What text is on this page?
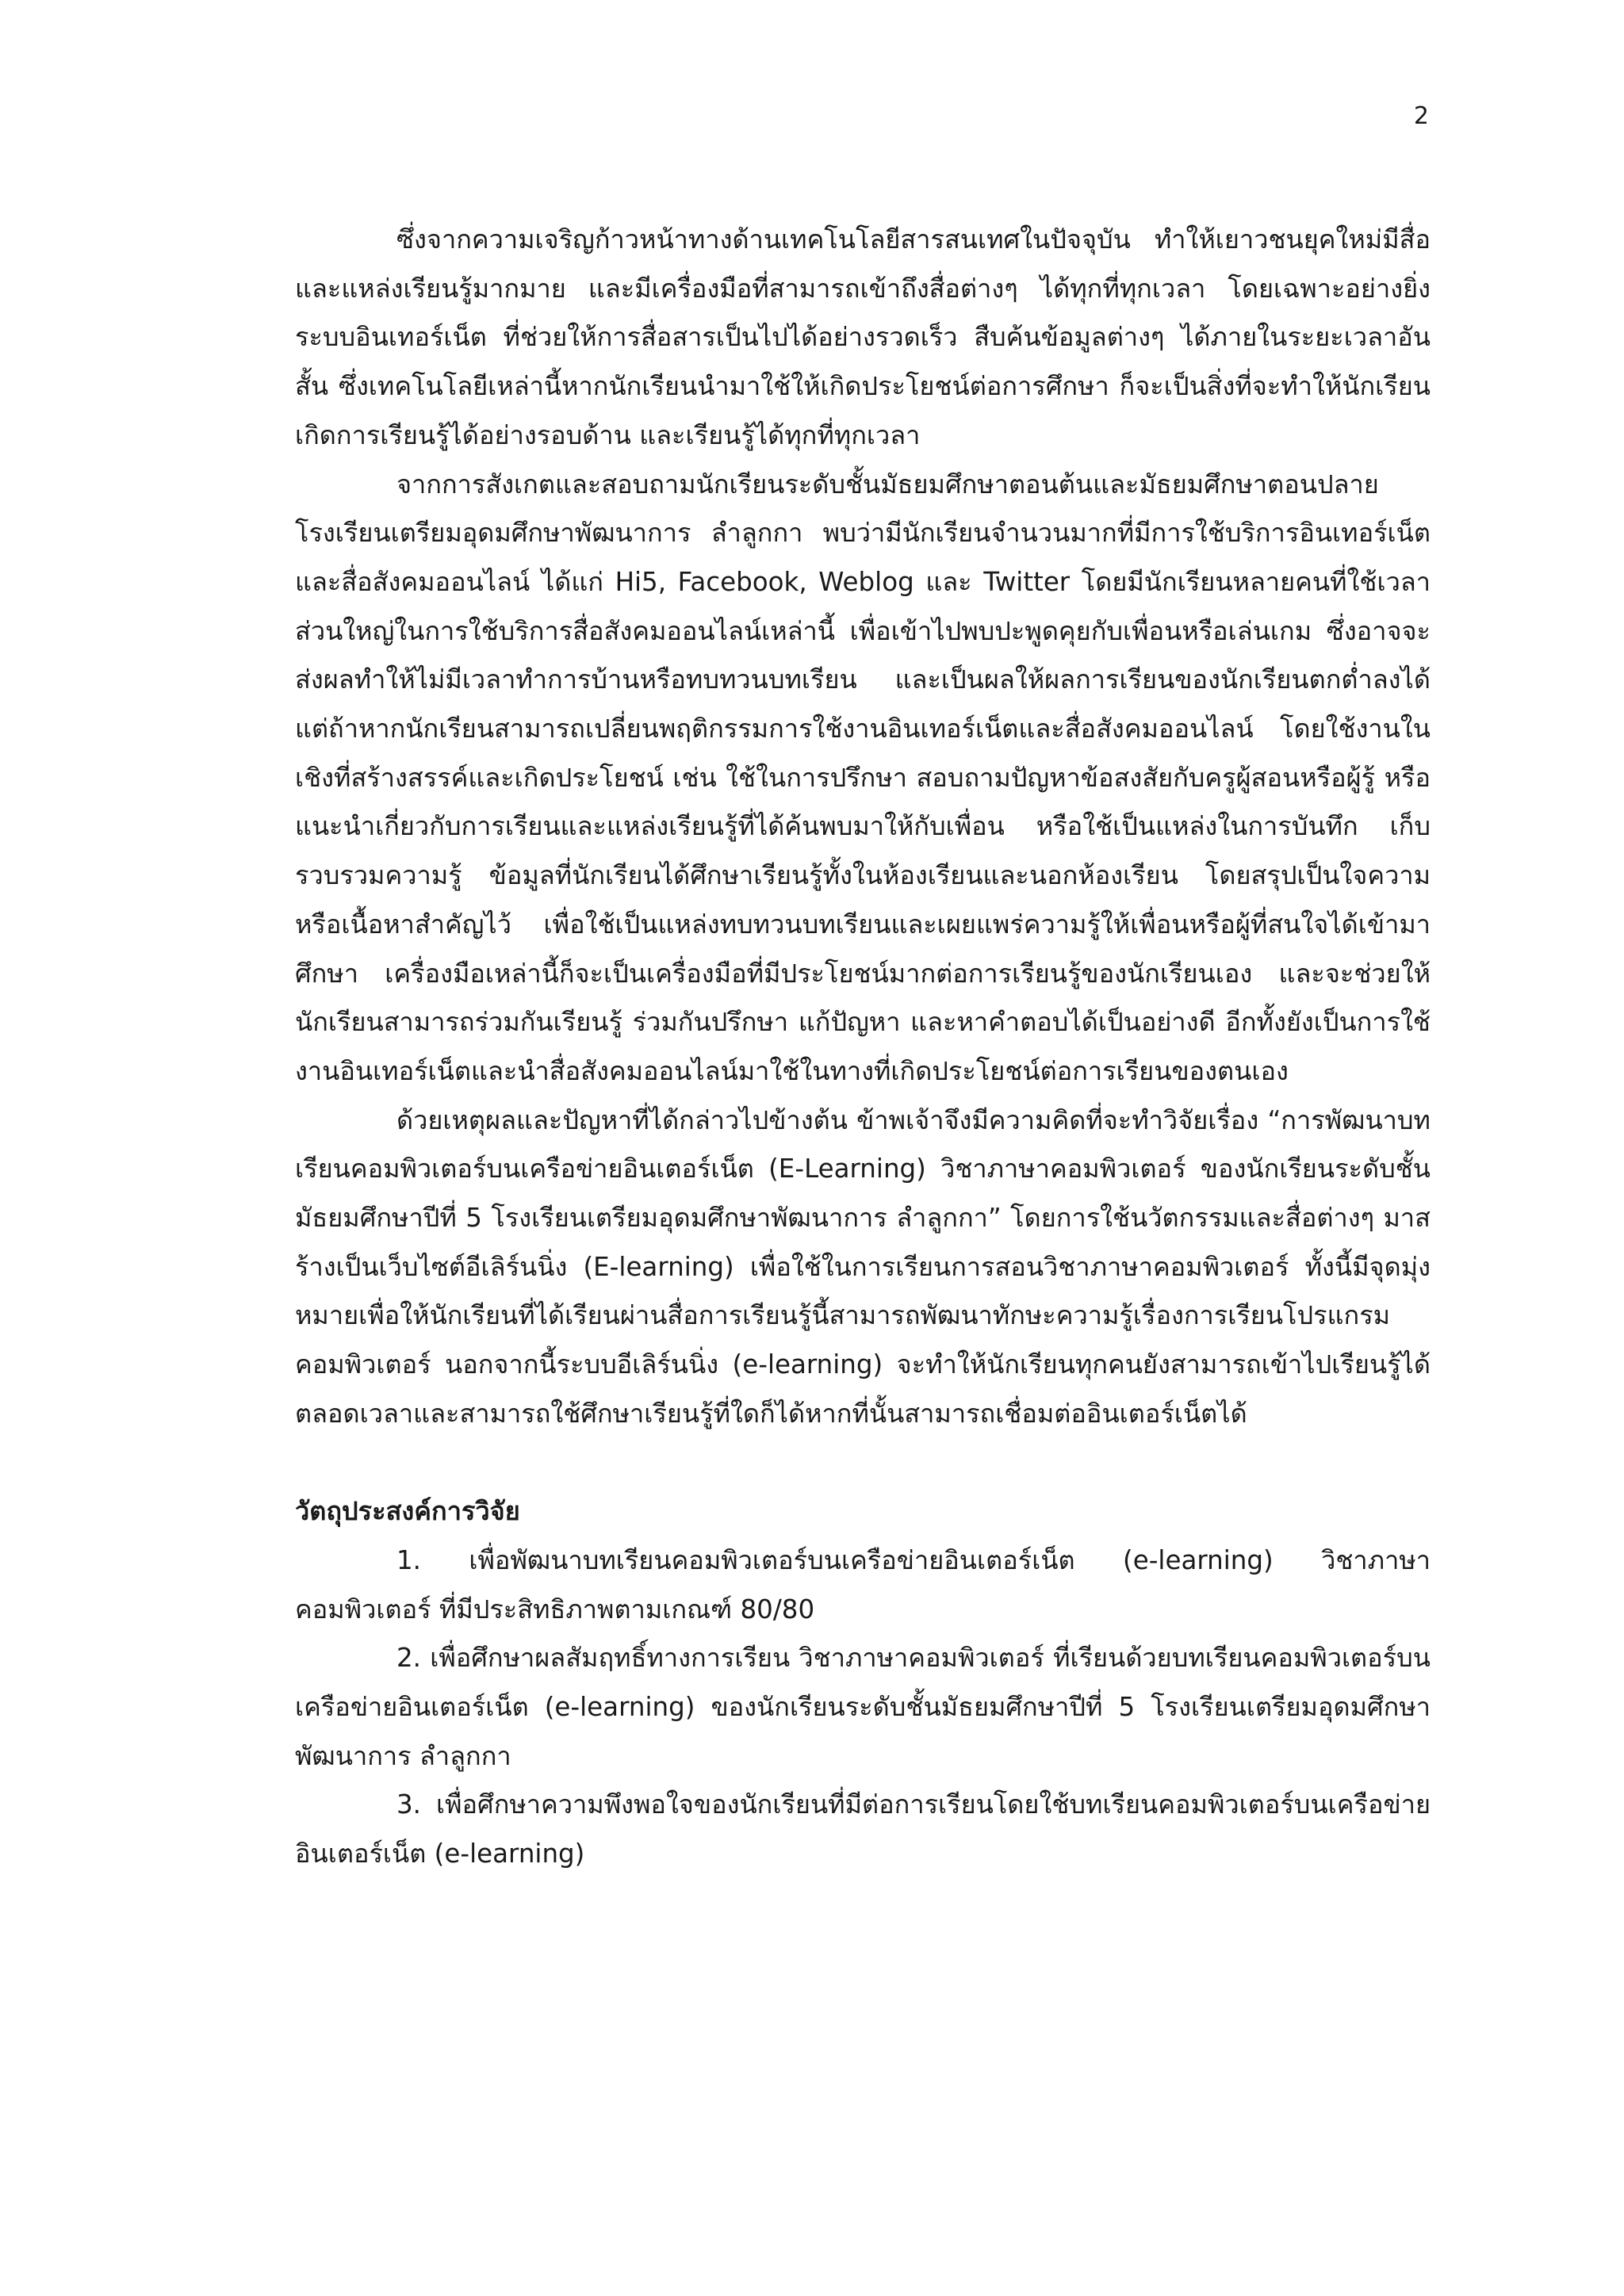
2

ซึ่งจากความเจริญก้าวหน้าทางด้านเทคโนโลยีสารสนเทศในปัจจุบัน ทำให้เยาวชนยุคใหม่มีสื่อและแหล่งเรียนรู้มากมาย และมีเครื่องมือที่สามารถเข้าถึงสื่อต่างๆ ได้ทุกที่ทุกเวลา โดยเฉพาะอย่างยิ่งระบบอินเทอร์เน็ต ที่ช่วยให้การสื่อสารเป็นไปได้อย่างรวดเร็ว สืบค้นข้อมูลต่างๆ ได้ภายในระยะเวลาอันสั้น ซึ่งเทคโนโลยีเหล่านี้หากนักเรียนนำมาใช้ให้เกิดประโยชน์ต่อการศึกษา ก็จะเป็นสิ่งที่จะทำให้นักเรียนเกิดการเรียนรู้ได้อย่างรอบด้าน และเรียนรู้ได้ทุกที่ทุกเวลา

จากการสังเกตและสอบถามนักเรียนระดับชั้นมัธยมศึกษาตอนต้นและมัธยมศึกษาตอนปลาย โรงเรียนเตรียมอุดมศึกษาพัฒนาการ ลำลูกกา พบว่ามีนักเรียนจำนวนมากที่มีการใช้บริการอินเทอร์เน็ต และสื่อสังคมออนไลน์ ได้แก่ Hi5, Facebook, Weblog และ Twitter โดยมีนักเรียนหลายคนที่ใช้เวลาส่วนใหญ่ในการใช้บริการสื่อสังคมออนไลน์เหล่านี้ เพื่อเข้าไปพบปะพูดคุยกับเพื่อนหรือเล่นเกม ซึ่งอาจจะส่งผลทำให้ไม่มีเวลาทำการบ้านหรือทบทวนบทเรียน และเป็นผลให้ผลการเรียนของนักเรียนตกต่ำลงได้ แต่ถ้าหากนักเรียนสามารถเปลี่ยนพฤติกรรมการใช้งานอินเทอร์เน็ตและสื่อสังคมออนไลน์ โดยใช้งานในเชิงที่สร้างสรรค์และเกิดประโยชน์ เช่น ใช้ในการปรึกษา สอบถามปัญหาข้อสงสัยกับครูผู้สอนหรือผู้รู้ หรือแนะนำเกี่ยวกับการเรียนและแหล่งเรียนรู้ที่ได้ค้นพบมาให้กับเพื่อน หรือใช้เป็นแหล่งในการบันทึก เก็บรวบรวมความรู้ ข้อมูลที่นักเรียนได้ศึกษาเรียนรู้ทั้งในห้องเรียนและนอกห้องเรียน โดยสรุปเป็นใจความหรือเนื้อหาสำคัญไว้ เพื่อใช้เป็นแหล่งทบทวนบทเรียนและเผยแพร่ความรู้ให้เพื่อนหรือผู้ที่สนใจได้เข้ามาศึกษา เครื่องมือเหล่านี้ก็จะเป็นเครื่องมือที่มีประโยชน์มากต่อการเรียนรู้ของนักเรียนเอง และจะช่วยให้นักเรียนสามารถร่วมกันเรียนรู้ ร่วมกันปรึกษา แก้ปัญหา และหาคำตอบได้เป็นอย่างดี อีกทั้งยังเป็นการใช้งานอินเทอร์เน็ตและนำสื่อสังคมออนไลน์มาใช้ในทางที่เกิดประโยชน์ต่อการเรียนของตนเอง

ด้วยเหตุผลและปัญหาที่ได้กล่าวไปข้างต้น ข้าพเจ้าจึงมีความคิดที่จะทำวิจัยเรื่อง “การพัฒนาบทเรียนคอมพิวเตอร์บนเครือข่ายอินเตอร์เน็ต (E-Learning) วิชาภาษาคอมพิวเตอร์ ของนักเรียนระดับชั้นมัธยมศึกษาปีที่ 5 โรงเรียนเตรียมอุดมศึกษาพัฒนาการ ลำลูกกา” โดยการใช้นวัตกรรมและสื่อต่างๆ มาสร้างเป็นเว็บไซต์อีเลิร์นนิ่ง (E-learning) เพื่อใช้ในการเรียนการสอนวิชาภาษาคอมพิวเตอร์ ทั้งนี้มีจุดมุ่งหมายเพื่อให้นักเรียนที่ได้เรียนผ่านสื่อการเรียนรู้นี้สามารถพัฒนาทักษะความรู้เรื่องการเรียนโปรแกรมคอมพิวเตอร์ นอกจากนี้ระบบอีเลิร์นนิ่ง (e-learning) จะทำให้นักเรียนทุกคนยังสามารถเข้าไปเรียนรู้ได้ตลอดเวลาและสามารถใช้ศึกษาเรียนรู้ที่ใดก็ได้หากที่นั้นสามารถเชื่อมต่ออินเตอร์เน็ตได้

วัตถุประสงค์การวิจัย

1. เพื่อพัฒนาบทเรียนคอมพิวเตอร์บนเครือข่ายอินเตอร์เน็ต (e-learning) วิชาภาษาคอมพิวเตอร์ ที่มีประสิทธิภาพตามเกณฑ์ 80/80

2. เพื่อศึกษาผลสัมฤทธิ์ทางการเรียน วิชาภาษาคอมพิวเตอร์ ที่เรียนด้วยบทเรียนคอมพิวเตอร์บนเครือข่ายอินเตอร์เน็ต (e-learning) ของนักเรียนระดับชั้นมัธยมศึกษาปีที่ 5 โรงเรียนเตรียมอุดมศึกษาพัฒนาการ ลำลูกกา

3. เพื่อศึกษาความพึงพอใจของนักเรียนที่มีต่อการเรียนโดยใช้บทเรียนคอมพิวเตอร์บนเครือข่ายอินเตอร์เน็ต (e-learning)
